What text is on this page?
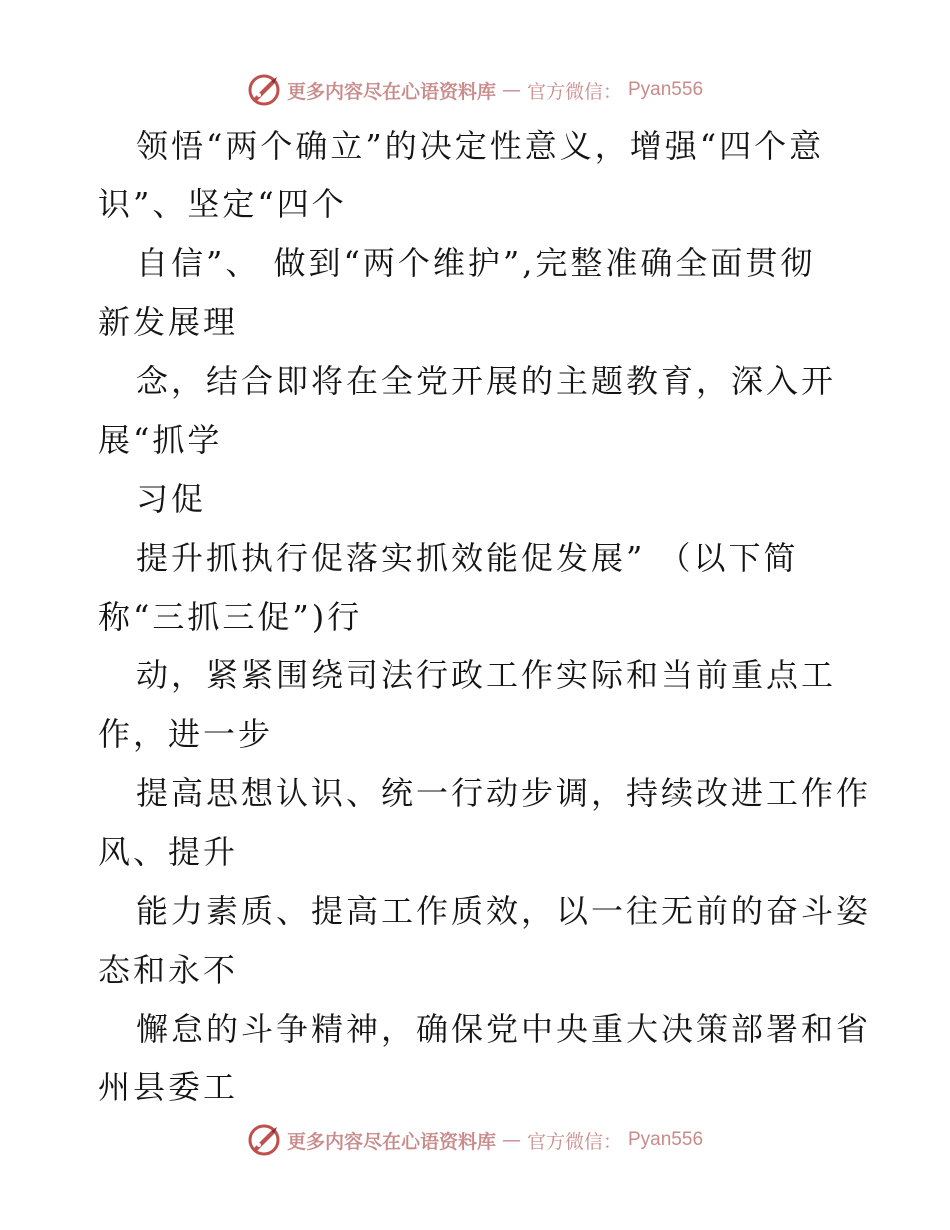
更多内容尽在心语资料库 — 官方微信： Pyan556
领悟“两个确立”的决定性意义，增强“四个意
识”、坚定“四个
自信”、 做到“两个维护”,完整准确全面贯彻
新发展理
念，结合即将在全党开展的主题教育，深入开
展“抓学
习促
提升抓执行促落实抓效能促发展” （以下简
称“三抓三促”)行
动，紧紧围绕司法行政工作实际和当前重点工
作，进一步
提高思想认识、统一行动步调，持续改进工作作
风、提升
能力素质、提高工作质效，以一往无前的奋斗姿
态和永不
懈怠的斗争精神，确保党中央重大决策部署和省
州县委工
更多内容尽在心语资料库 — 官方微信： Pyan556
